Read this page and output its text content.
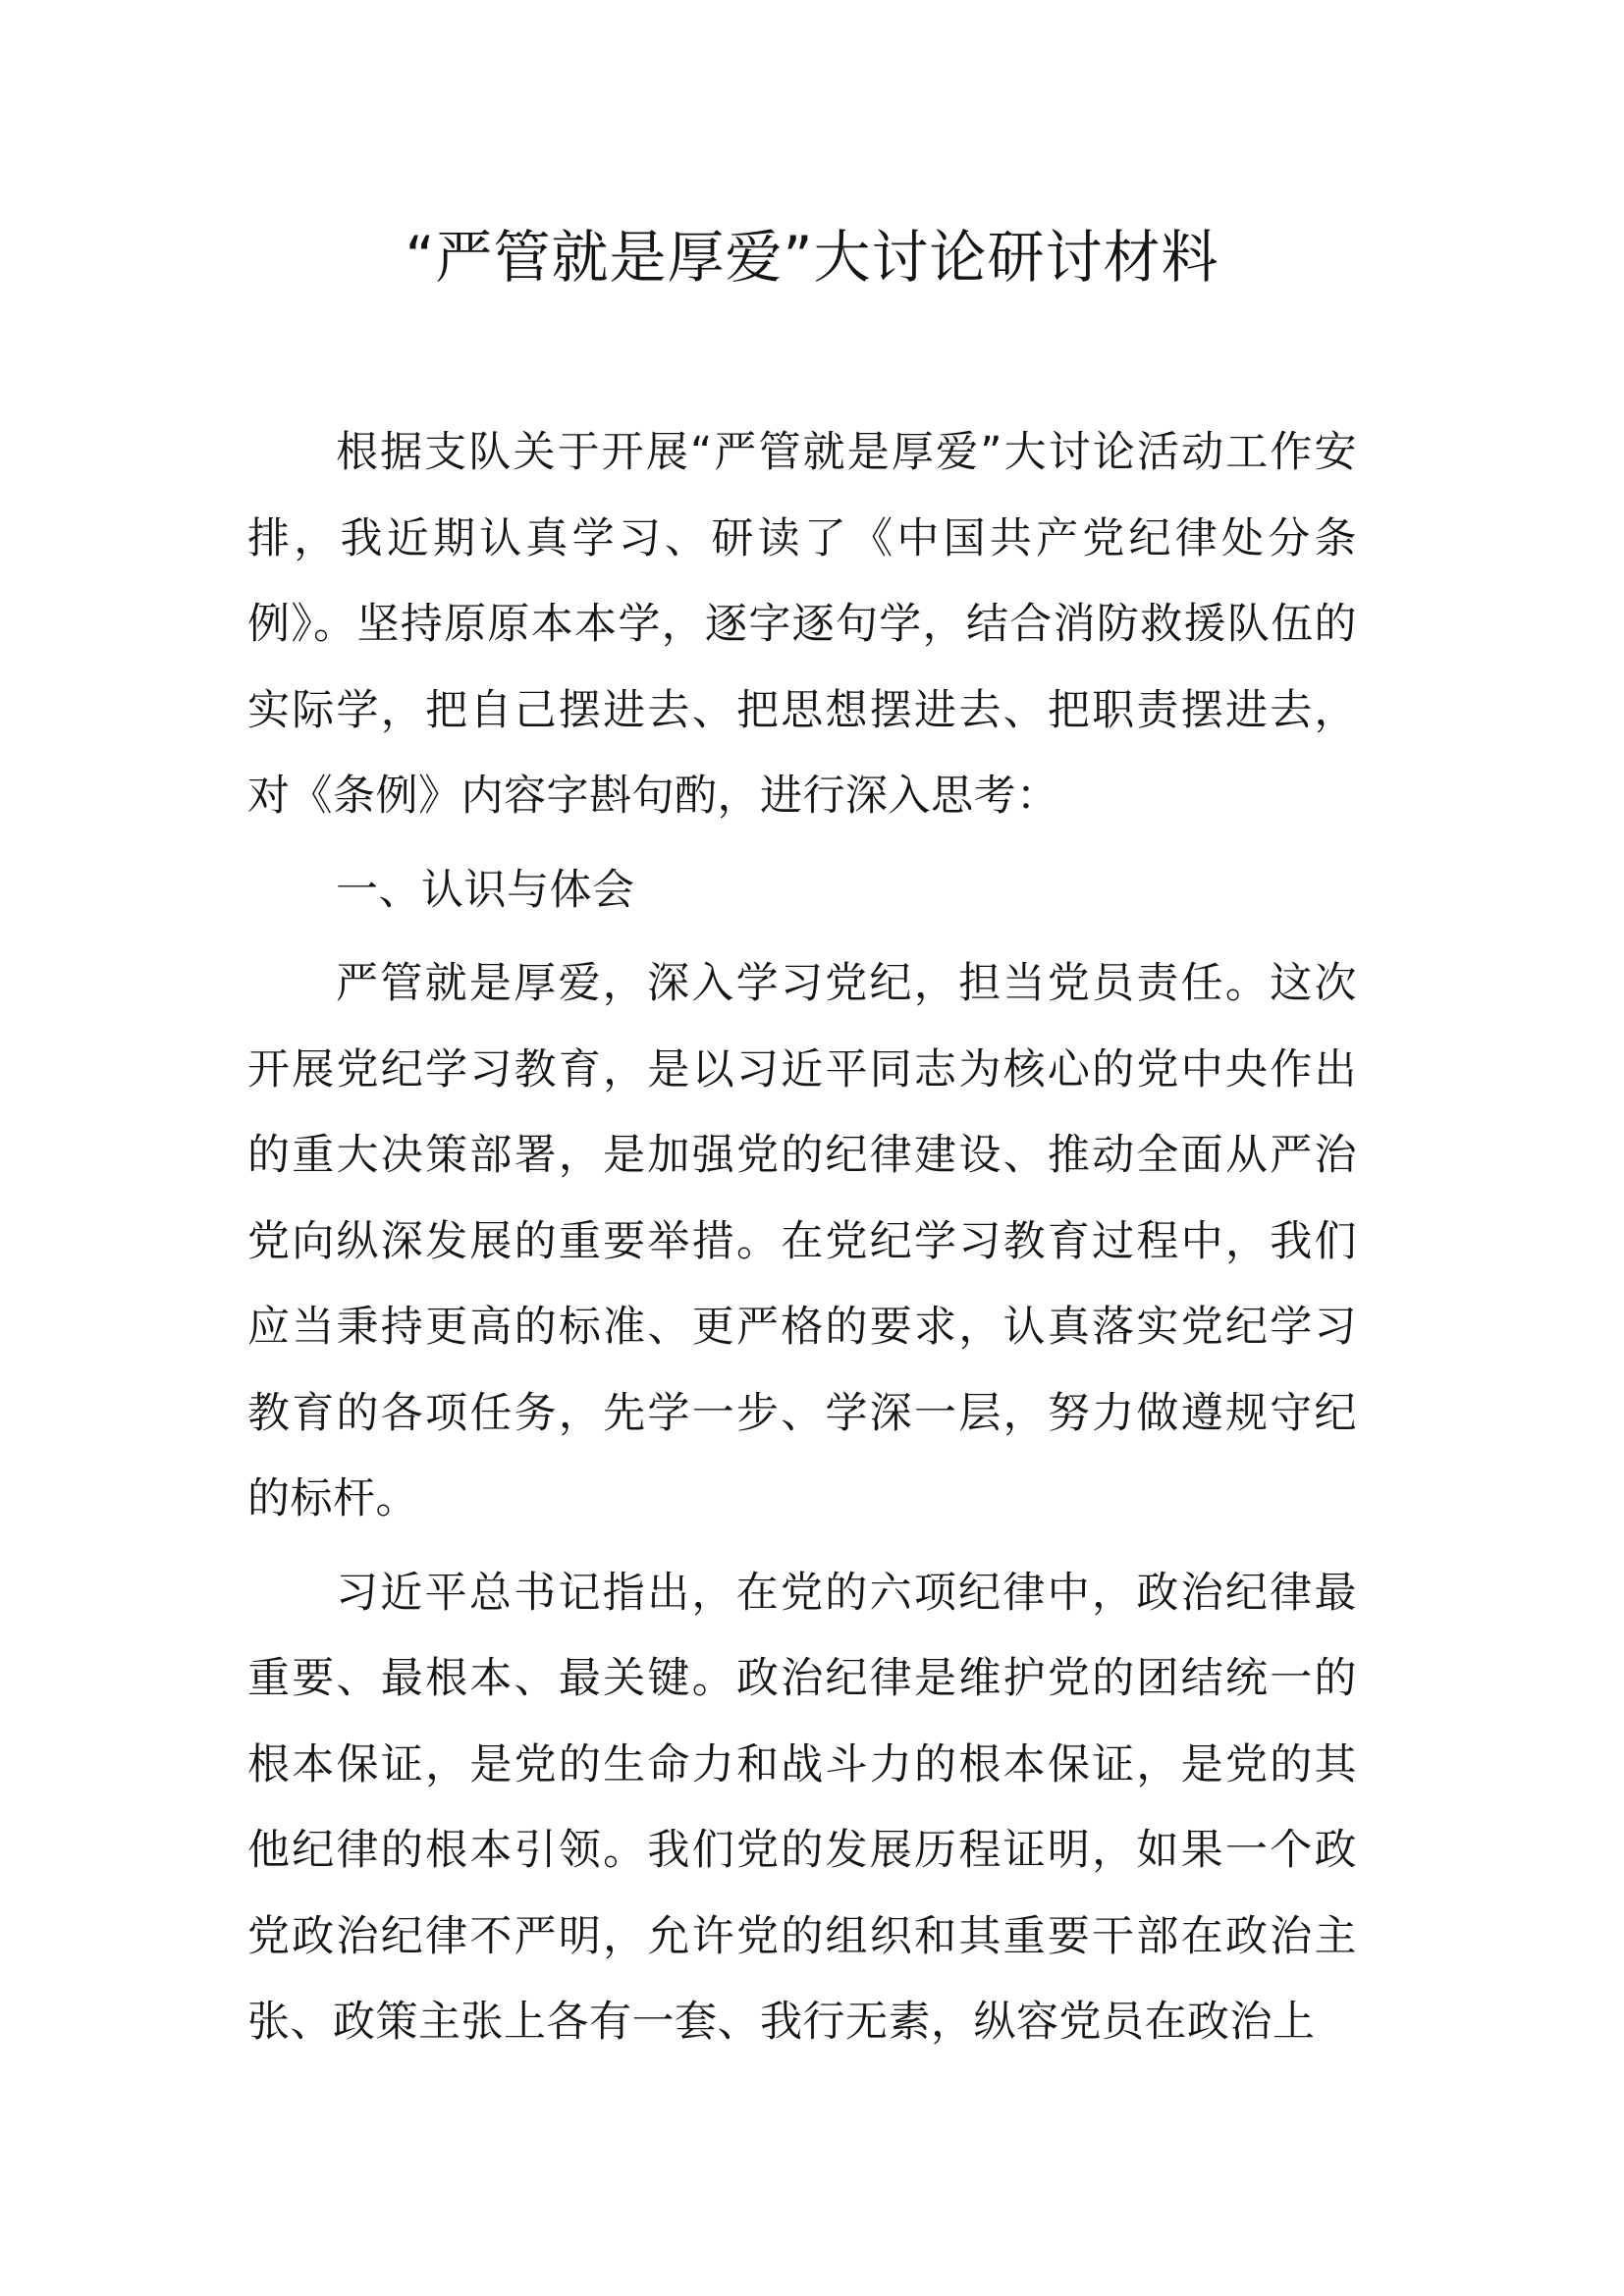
“严管就是厚爱”大讨论研讨材料

根据支队关于开展“严管就是厚爱”大讨论活动工作安排，我近期认真学习、研读了《中国共产党纪律处分条例》。坚持原原本本学，逐字逐句学，结合消防救援队伍的实际学，把自己摆进去、把思想摆进去、把职责摆进去，对《条例》内容字斟句酌，进行深入思考：

一、认识与体会

严管就是厚爱，深入学习党纪，担当党员责任。这次开展党纪学习教育，是以习近平同志为核心的党中央作出的重大决策部署，是加强党的纪律建设、推动全面从严治党向纵深发展的重要举措。在党纪学习教育过程中，我们应当秉持更高的标准、更严格的要求，认真落实党纪学习教育的各项任务，先学一步、学深一层，努力做遵规守纪的标杆。

习近平总书记指出，在党的六项纪律中，政治纪律最重要、最根本、最关键。政治纪律是维护党的团结统一的根本保证，是党的生命力和战斗力的根本保证，是党的其他纪律的根本引领。我们党的发展历程证明，如果一个政党政治纪律不严明，允许党的组织和其重要干部在政治主张、政策主张上各有一套、我行无素，纵容党员在政治上
